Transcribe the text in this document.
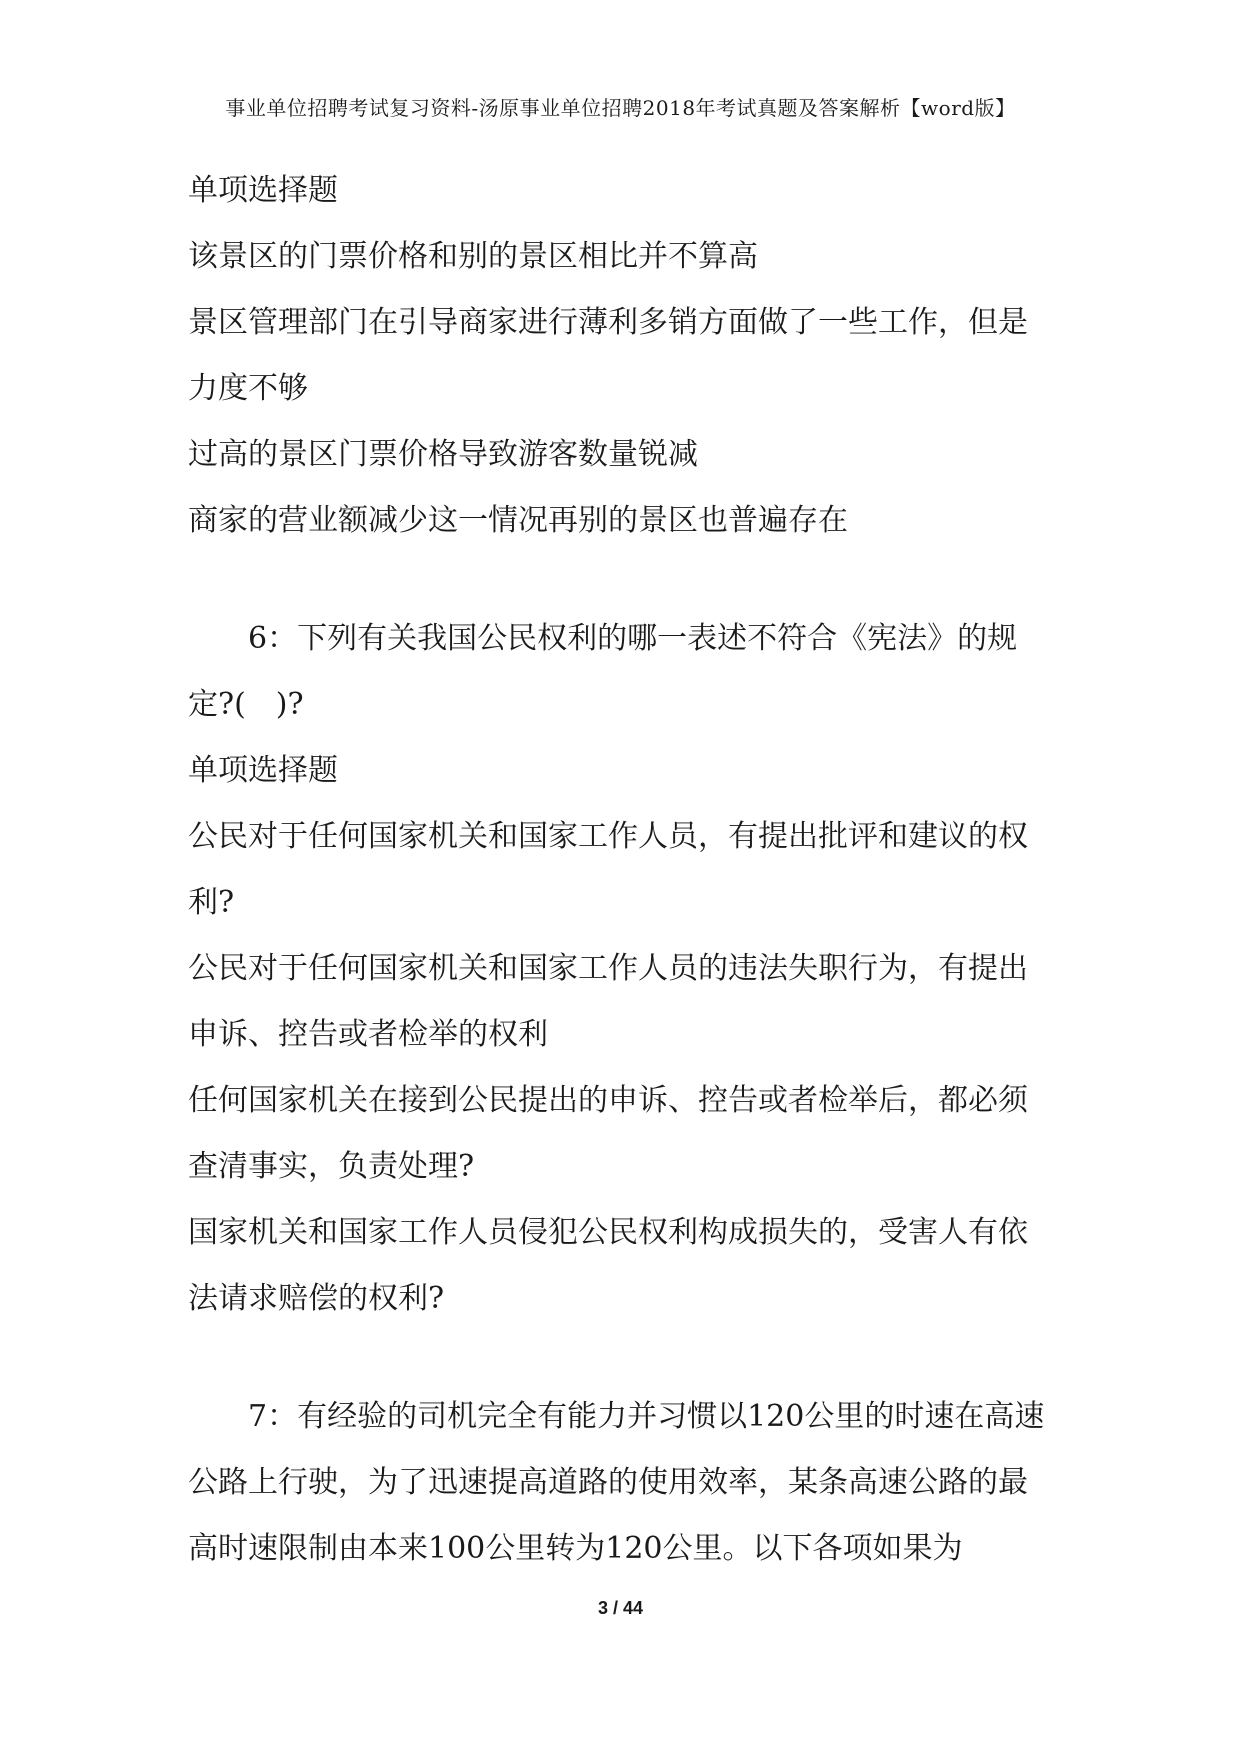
事业单位招聘考试复习资料-汤原事业单位招聘2018年考试真题及答案解析【word版】

单项选择题

该景区的门票价格和别的景区相比并不算高

景区管理部门在引导商家进行薄利多销方面做了一些工作，但是力度不够

过高的景区门票价格导致游客数量锐减

商家的营业额减少这一情况再别的景区也普遍存在

6：下列有关我国公民权利的哪一表述不符合《宪法》的规定?(　)?

单项选择题

公民对于任何国家机关和国家工作人员，有提出批评和建议的权利?

公民对于任何国家机关和国家工作人员的违法失职行为，有提出申诉、控告或者检举的权利

任何国家机关在接到公民提出的申诉、控告或者检举后，都必须查清事实，负责处理?

国家机关和国家工作人员侵犯公民权利构成损失的，受害人有依法请求赔偿的权利?

7：有经验的司机完全有能力并习惯以120公里的时速在高速公路上行驶，为了迅速提高道路的使用效率，某条高速公路的最高时速限制由本来100公里转为120公里。以下各项如果为

3 / 44
